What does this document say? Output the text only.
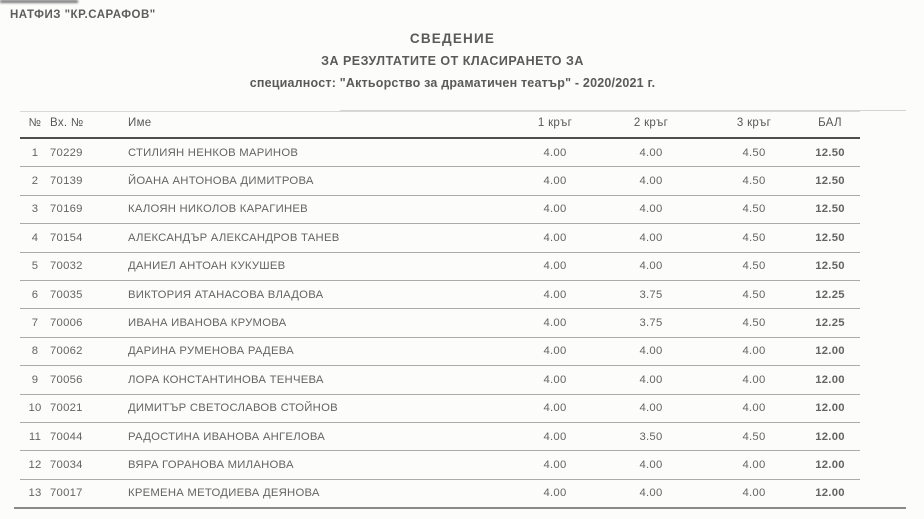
НАТФИЗ "КР.САРАФОВ"
СВЕДЕНИЕ
ЗА РЕЗУЛТАТИТЕ ОТ КЛАСИРАНЕТО ЗА
специалност: "Актьорство за драматичен театър" - 2020/2021 г.
№	Вх. №	Име	1 кръг	2 кръг	3 кръг	БАЛ
1	70229	СТИЛИЯН НЕНКОВ МАРИНОВ	4.00	4.00	4.50	12.50
2	70139	ЙОАНА АНТОНОВА ДИМИТРОВА	4.00	4.00	4.50	12.50
3	70169	КАЛОЯН НИКОЛОВ КАРАГИНЕВ	4.00	4.00	4.50	12.50
4	70154	АЛЕКСАНДЪР АЛЕКСАНДРОВ ТАНЕВ	4.00	4.00	4.50	12.50
5	70032	ДАНИЕЛ АНТОАН КУКУШЕВ	4.00	4.00	4.50	12.50
6	70035	ВИКТОРИЯ АТАНАСОВА ВЛАДОВА	4.00	3.75	4.50	12.25
7	70006	ИВАНА ИВАНОВА КРУМОВА	4.00	3.75	4.50	12.25
8	70062	ДАРИНА РУМЕНОВА РАДЕВА	4.00	4.00	4.00	12.00
9	70056	ЛОРА КОНСТАНТИНОВА ТЕНЧЕВА	4.00	4.00	4.00	12.00
10	70021	ДИМИТЪР СВЕТОСЛАВОВ СТОЙНОВ	4.00	4.00	4.00	12.00
11	70044	РАДОСТИНА ИВАНОВА АНГЕЛОВА	4.00	3.50	4.50	12.00
12	70034	ВЯРА ГОРАНОВА МИЛАНОВА	4.00	4.00	4.00	12.00
13	70017	КРЕМЕНА МЕТОДИЕВА ДЕЯНОВА	4.00	4.00	4.00	12.00
